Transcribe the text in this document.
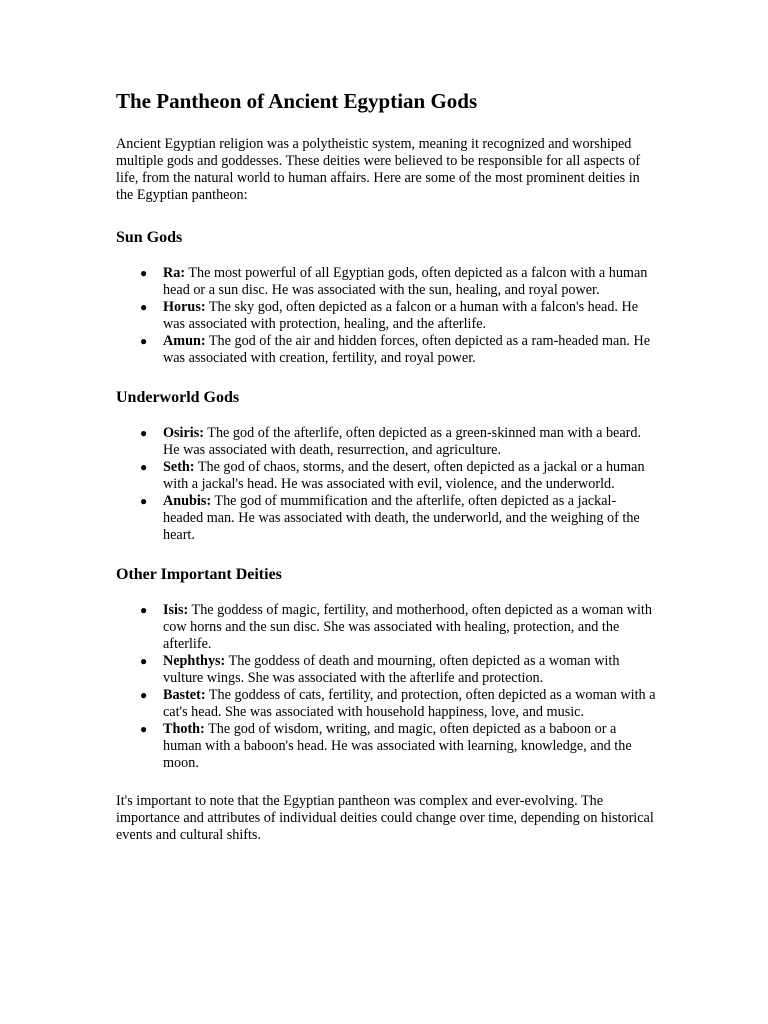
The Pantheon of Ancient Egyptian Gods

Ancient Egyptian religion was a polytheistic system, meaning it recognized and worshiped multiple gods and goddesses. These deities were believed to be responsible for all aspects of life, from the natural world to human affairs. Here are some of the most prominent deities in the Egyptian pantheon:

Sun Gods
● Ra: The most powerful of all Egyptian gods, often depicted as a falcon with a human head or a sun disc. He was associated with the sun, healing, and royal power.
● Horus: The sky god, often depicted as a falcon or a human with a falcon's head. He was associated with protection, healing, and the afterlife.
● Amun: The god of the air and hidden forces, often depicted as a ram-headed man. He was associated with creation, fertility, and royal power.
Underworld Gods
● Osiris: The god of the afterlife, often depicted as a green-skinned man with a beard. He was associated with death, resurrection, and agriculture.
● Seth: The god of chaos, storms, and the desert, often depicted as a jackal or a human with a jackal's head. He was associated with evil, violence, and the underworld.
● Anubis: The god of mummification and the afterlife, often depicted as a jackal-headed man. He was associated with death, the underworld, and the weighing of the heart.
Other Important Deities
● Isis: The goddess of magic, fertility, and motherhood, often depicted as a woman with cow horns and the sun disc. She was associated with healing, protection, and the afterlife.
● Nephthys: The goddess of death and mourning, often depicted as a woman with vulture wings. She was associated with the afterlife and protection.
● Bastet: The goddess of cats, fertility, and protection, often depicted as a woman with a cat's head. She was associated with household happiness, love, and music.
● Thoth: The god of wisdom, writing, and magic, often depicted as a baboon or a human with a baboon's head. He was associated with learning, knowledge, and the moon.

It's important to note that the Egyptian pantheon was complex and ever-evolving. The importance and attributes of individual deities could change over time, depending on historical events and cultural shifts.
